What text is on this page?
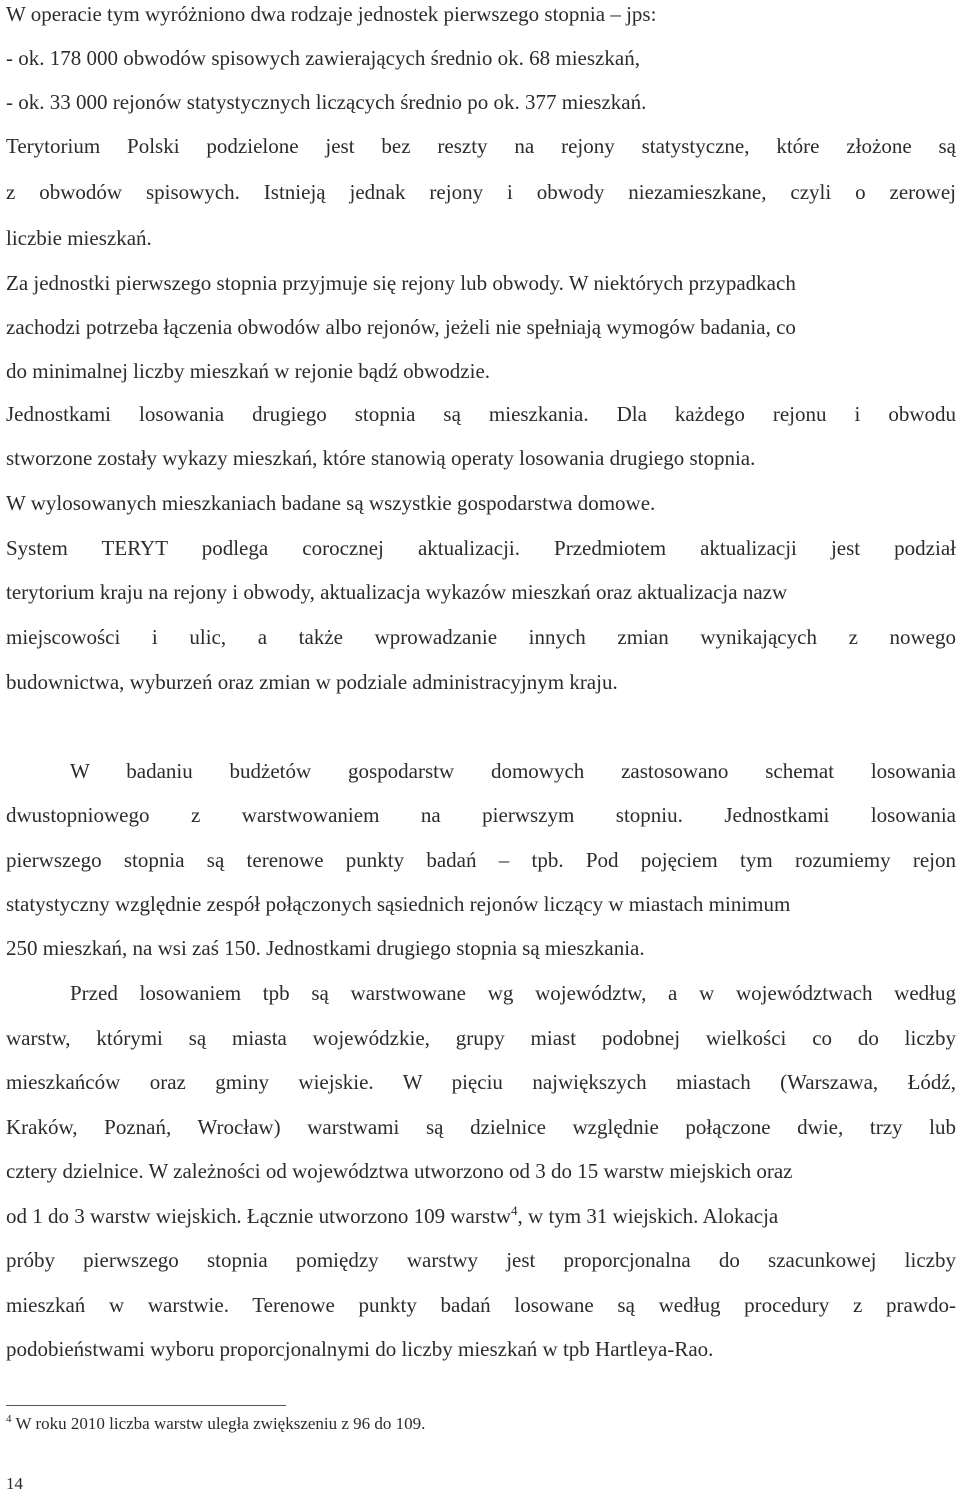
W operacie tym wyróżniono dwa rodzaje jednostek pierwszego stopnia – jps:
- ok. 178 000 obwodów spisowych zawierających średnio ok. 68 mieszkań,
- ok. 33 000 rejonów statystycznych liczących średnio po ok. 377 mieszkań.
Terytorium Polski podzielone jest bez reszty na rejony statystyczne, które złożone są
z obwodów spisowych. Istnieją jednak rejony i obwody niezamieszkane, czyli o zerowej
liczbie mieszkań.
Za jednostki pierwszego stopnia przyjmuje się rejony lub obwody. W niektórych przypadkach
zachodzi potrzeba łączenia obwodów albo rejonów, jeżeli nie spełniają wymogów badania, co
do minimalnej liczby mieszkań w rejonie bądź obwodzie.
Jednostkami losowania drugiego stopnia są mieszkania. Dla każdego rejonu i obwodu
stworzone zostały wykazy mieszkań, które stanowią operaty losowania drugiego stopnia.
W wylosowanych mieszkaniach badane są wszystkie gospodarstwa domowe.
System TERYT podlega corocznej aktualizacji. Przedmiotem aktualizacji jest podział
terytorium kraju na rejony i obwody, aktualizacja wykazów mieszkań oraz aktualizacja nazw
miejscowości i ulic, a także wprowadzanie innych zmian wynikających z nowego
budownictwa, wyburzeń oraz zmian w podziale administracyjnym kraju.
W badaniu budżetów gospodarstw domowych zastosowano schemat losowania
dwustopniowego z warstwowaniem na pierwszym stopniu. Jednostkami losowania
pierwszego stopnia są terenowe punkty badań – tpb. Pod pojęciem tym rozumiemy rejon
statystyczny względnie zespół połączonych sąsiednich rejonów liczący w miastach minimum
250 mieszkań, na wsi zaś 150. Jednostkami drugiego stopnia są mieszkania.
Przed losowaniem tpb są warstwowane wg województw, a w województwach według
warstw, którymi są miasta wojewódzkie, grupy miast podobnej wielkości co do liczby
mieszkańców oraz gminy wiejskie. W pięciu największych miastach (Warszawa, Łódź,
Kraków, Poznań, Wrocław) warstwami są dzielnice względnie połączone dwie, trzy lub
cztery dzielnice. W zależności od województwa utworzono od 3 do 15 warstw miejskich oraz
od 1 do 3 warstw wiejskich. Łącznie utworzono 109 warstw$^4$, w tym 31 wiejskich. Alokacja
próby pierwszego stopnia pomiędzy warstwy jest proporcjonalna do szacunkowej liczby
mieszkań w warstwie. Terenowe punkty badań losowane są według procedury z prawdo-
podobieństwami wyboru proporcjonalnymi do liczby mieszkań w tpb Hartleya-Rao.
$^4$ W roku 2010 liczba warstw uległa zwiększeniu z 96 do 109.
14
